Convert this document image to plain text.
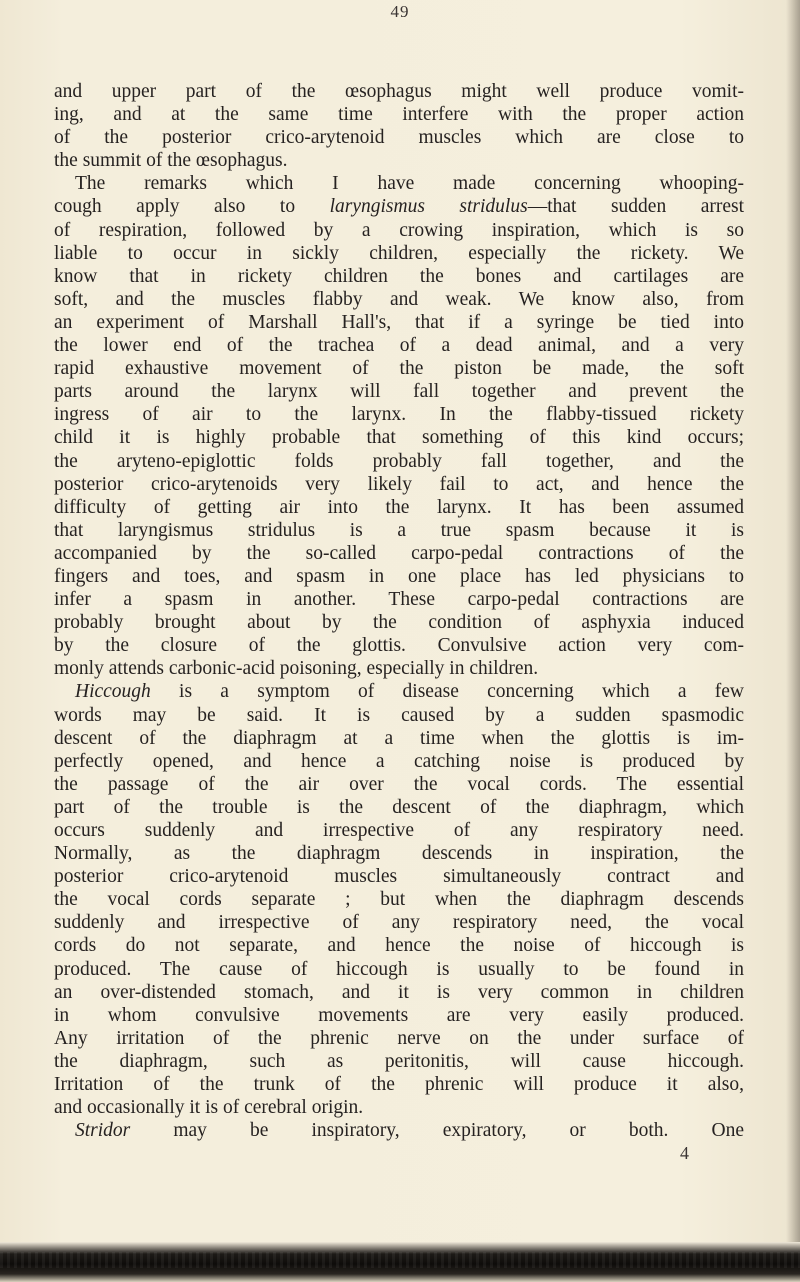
49
and upper part of the œsophagus might well produce vomit-
ing, and at the same time interfere with the proper action
of the posterior crico-arytenoid muscles which are close to
the summit of the œsophagus.
The remarks which I have made concerning whooping-
cough apply also to laryngismus stridulus—that sudden arrest
of respiration, followed by a crowing inspiration, which is so
liable to occur in sickly children, especially the rickety. We
know that in rickety children the bones and cartilages are
soft, and the muscles flabby and weak. We know also, from
an experiment of Marshall Hall's, that if a syringe be tied into
the lower end of the trachea of a dead animal, and a very
rapid exhaustive movement of the piston be made, the soft
parts around the larynx will fall together and prevent the
ingress of air to the larynx. In the flabby-tissued rickety
child it is highly probable that something of this kind occurs;
the aryteno-epiglottic folds probably fall together, and the
posterior crico-arytenoids very likely fail to act, and hence the
difficulty of getting air into the larynx. It has been assumed
that laryngismus stridulus is a true spasm because it is
accompanied by the so-called carpo-pedal contractions of the
fingers and toes, and spasm in one place has led physicians to
infer a spasm in another. These carpo-pedal contractions are
probably brought about by the condition of asphyxia induced
by the closure of the glottis. Convulsive action very com-
monly attends carbonic-acid poisoning, especially in children.
Hiccough is a symptom of disease concerning which a few
words may be said. It is caused by a sudden spasmodic
descent of the diaphragm at a time when the glottis is im-
perfectly opened, and hence a catching noise is produced by
the passage of the air over the vocal cords. The essential
part of the trouble is the descent of the diaphragm, which
occurs suddenly and irrespective of any respiratory need.
Normally, as the diaphragm descends in inspiration, the
posterior crico-arytenoid muscles simultaneously contract and
the vocal cords separate ; but when the diaphragm descends
suddenly and irrespective of any respiratory need, the vocal
cords do not separate, and hence the noise of hiccough is
produced. The cause of hiccough is usually to be found in
an over-distended stomach, and it is very common in children
in whom convulsive movements are very easily produced.
Any irritation of the phrenic nerve on the under surface of
the diaphragm, such as peritonitis, will cause hiccough.
Irritation of the trunk of the phrenic will produce it also,
and occasionally it is of cerebral origin.
Stridor may be inspiratory, expiratory, or both. One
4
